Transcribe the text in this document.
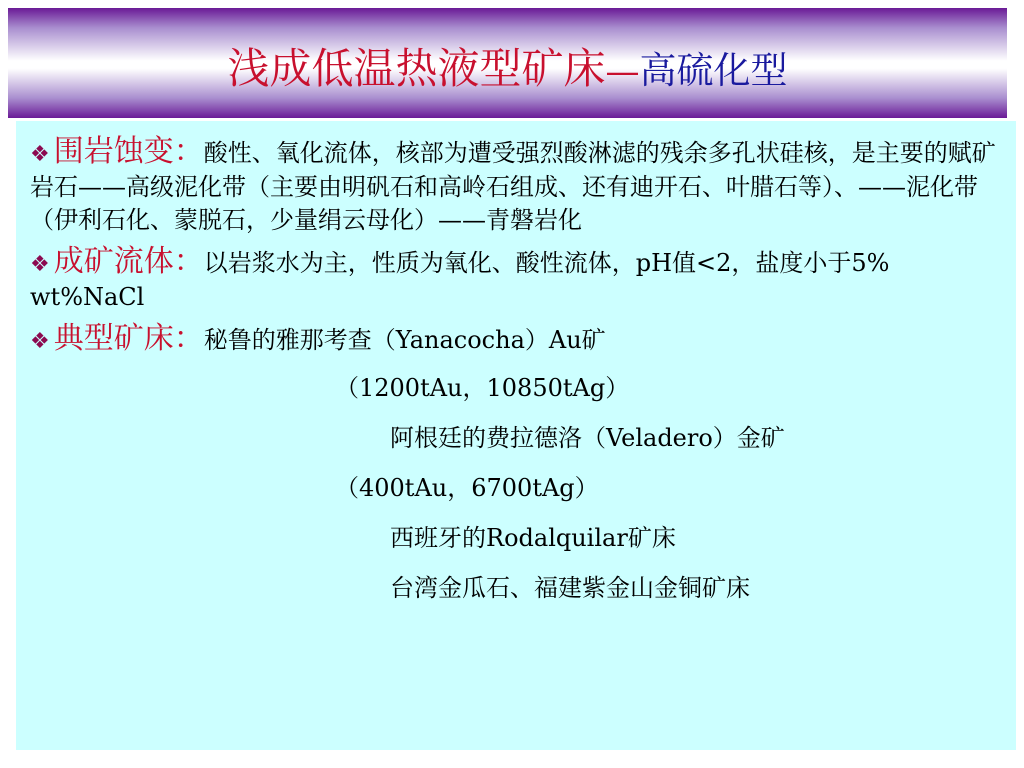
浅成低温热液型矿床—高硫化型

❖ 围岩蚀变：酸性、氧化流体，核部为遭受强烈酸淋滤的残余多孔状硅核，是主要的赋矿岩石——高级泥化带（主要由明矾石和高岭石组成、还有迪开石、叶腊石等）、——泥化带（伊利石化、蒙脱石，少量绢云母化）——青磐岩化

❖ 成矿流体：以岩浆水为主，性质为氧化、酸性流体，pH值<2，盐度小于5% wt%NaCl

❖ 典型矿床：秘鲁的雅那考查（Yanacocha）Au矿

（1200tAu，10850tAg）
阿根廷的费拉德洛（Veladero）金矿
（400tAu，6700tAg）
西班牙的Rodalquilar矿床
台湾金瓜石、福建紫金山金铜矿床
